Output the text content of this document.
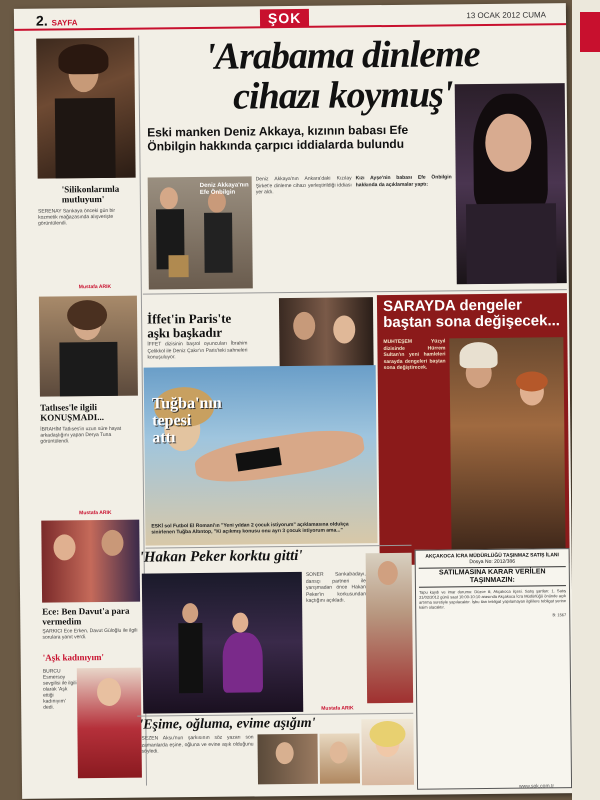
2. SAYFA	ŞOK	13 OCAK 2012 CUMA
'Silikonlarımla mutluyum'
SERENAY Sarıkaya önceki gün bir kozmetik mağazasında alışverişte görüntülendi.
Mustafa ARIK
Tatlıses'le ilgili KONUŞMADI...
İBRAHİM Tatlıses'in uzun süre hayat arkadaşlığını yapan Derya Tuna görüntülendi.
Mustafa ARIK
Ece: Ben Davut'a para vermedim
ŞARKICI Ece Erken, Davut Güloğlu ile ilgili sorulara yanıt verdi.
'Aşk kadınıyım'
BURCU Esmersoy sevgilisi ile ilgili olarak 'Aşk ettiği kadınıyım' dedi.
'Arabama dinleme
cihazı koymuş'
Eski manken Deniz Akkaya, kızının babası Efe Önbilgin hakkında çarpıcı iddialarda bulundu
Deniz Akkaya'nın Efe Önbilgin
Deniz Akkaya'nın Ankara'daki Kızılay Şirket'e dinleme cihazı yerleştirildiği iddiası yer aldı.
Kızı Ayşe'nin babası Efe Önbilgin hakkında da açıklamalar yaptı:
İffet'in Paris'te aşkı başkadır
İFFET dizisinin başrol oyuncuları İbrahim Çelikkol ile Deniz Çakır'ın Paris'teki sahneleri konuşuluyor.
SARAYDA dengeler
baştan sona değişecek...
MUHTEŞEM Yüzyıl dizisinde Hürrem Sultan'ın yeni hamleleri sarayda dengeleri baştan sona değiştirecek.
Tuğba'nın
tepesi
attı
ESKİ sol Futbol El Romani'ın "Yeni yıldan 2 çocuk istiyorum" açıklamasına oldukça sinirlenen Tuğba Altıntop, "Ki açıkmış konusu onu ayrı 3 çocuk istiyorum ama..."
'Hakan Peker korktu gitti'
SONER Sarıkabadayı, dansçı partneri ile yarışmadan önce Hakan Peker'in korkusundan kaçtığını açıkladı.
Mustafa ARIK
'Eşime, oğluma, evime aşığım'
SEZEN Aksu'nun şarkısının söz yazarı son zamanlarda eşine, oğluna ve evine aşık olduğunu söyledi.
AKÇAKOCA İCRA MÜDÜRLÜĞÜ TAŞINMAZ SATIŞ İLANI
Dosya No: 2012/386
SATILMASINA KARAR VERİLEN TAŞINMAZIN:
Tapu kaydı ve imar durumu: Düzce ili, Akçakoca ilçesi. Satış şartları: 1. Satış 21/02/2012 günü saat 10:00-10:10 arasında Akçakoca İcra Müdürlüğü önünde açık artırma suretiyle yapılacaktır. İşbu ilan tebligat yapılamayan ilgililere tebligat yerine kaim olacaktır.
B: 1567
www.sok.com.tr
